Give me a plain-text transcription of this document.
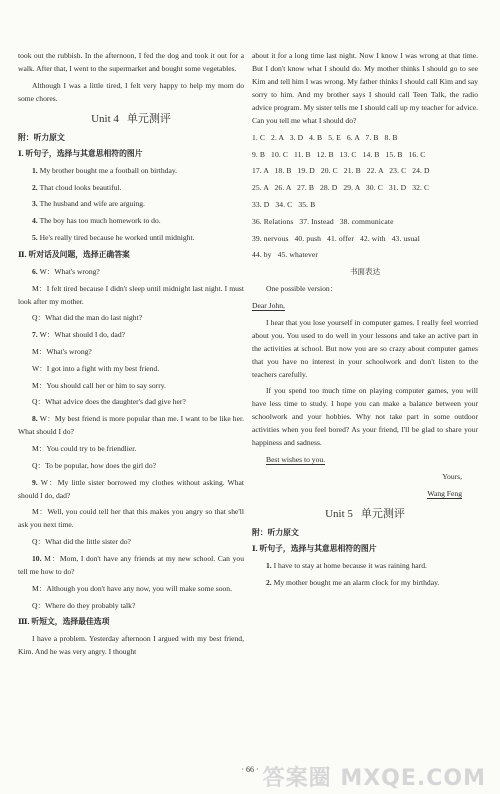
took out the rubbish. In the afternoon, I fed the dog and took it out for a walk. After that, I went to the supermarket and bought some vegetables.

Although I was a little tired, I felt very happy to help my mom do some chores.

Unit 4 单元测评
附：听力原文
Ⅰ. 听句子，选择与其意思相符的图片

1. My brother bought me a football on birthday.

2. That cloud looks beautiful.

3. The husband and wife are arguing.

4. The boy has too much homework to do.

5. He's really tired because he worked until midnight.

Ⅱ. 听对话及问题，选择正确答案

6. W：What's wrong?

M：I felt tired because I didn't sleep until midnight last night. I must look after my mother.

Q：What did the man do last night?

7. W：What should I do, dad?

M：What's wrong?

W：I got into a fight with my best friend.

M：You should call her or him to say sorry.

Q：What advice does the daughter's dad give her?

8. W：My best friend is more popular than me. I want to be like her. What should I do?

M：You could try to be friendlier.

Q：To be popular, how does the girl do?

9. W：My little sister borrowed my clothes without asking. What should I do, dad?

M：Well, you could tell her that this makes you angry so that she'll ask you next time.

Q：What did the little sister do?

10. M：Mom, I don't have any friends at my new school. Can you tell me how to do?

M：Although you don't have any now, you will make some soon.

Q：Where do they probably talk?

Ⅲ. 听短文，选择最佳选项

I have a problem. Yesterday afternoon I argued with my best friend, Kim. And he was very angry. I thought

about it for a long time last night. Now I know I was wrong at that time. But I don't know what I should do. My mother thinks I should go to see Kim and tell him I was wrong. My father thinks I should call Kim and say sorry to him. And my brother says I should call Teen Talk, the radio advice program. My sister tells me I should call up my teacher for advice. Can you tell me what I should do?

1. C   2. A   3. D   4. B   5. E   6. A   7. B   8. B

9. B   10. C   11. B   12. B   13. C   14. B   15. B   16. C

17. A   18. B   19. D   20. C   21. B   22. A   23. C   24. D

25. A   26. A   27. B   28. D   29. A   30. C   31. D   32. C

33. D   34. C   35. B

36. Relations   37. Instead   38. communicate

39. nervous   40. push   41. offer   42. with   43. usual

44. by   45. whatever

书面表达

One possible version：

Dear John,

I hear that you lose yourself in computer games. I really feel worried about you. You used to do well in your lessons and take an active part in the activities at school. But now you are so crazy about computer games that you have no interest in your schoolwork and don't listen to the teachers carefully.

If you spend too much time on playing computer games, you will have less time to study. I hope you can make a balance between your schoolwork and your hobbies. Why not take part in some outdoor activities when you feel bored? As your friend, I'll be glad to share your happiness and sadness.

Best wishes to you.

Yours,

Wang Feng

Unit 5 单元测评
附：听力原文
Ⅰ. 听句子，选择与其意思相符的图片

1. I have to stay at home because it was raining hard.

2. My mother bought me an alarm clock for my birthday.

· 66 · 答案圈 MXQE.COM
